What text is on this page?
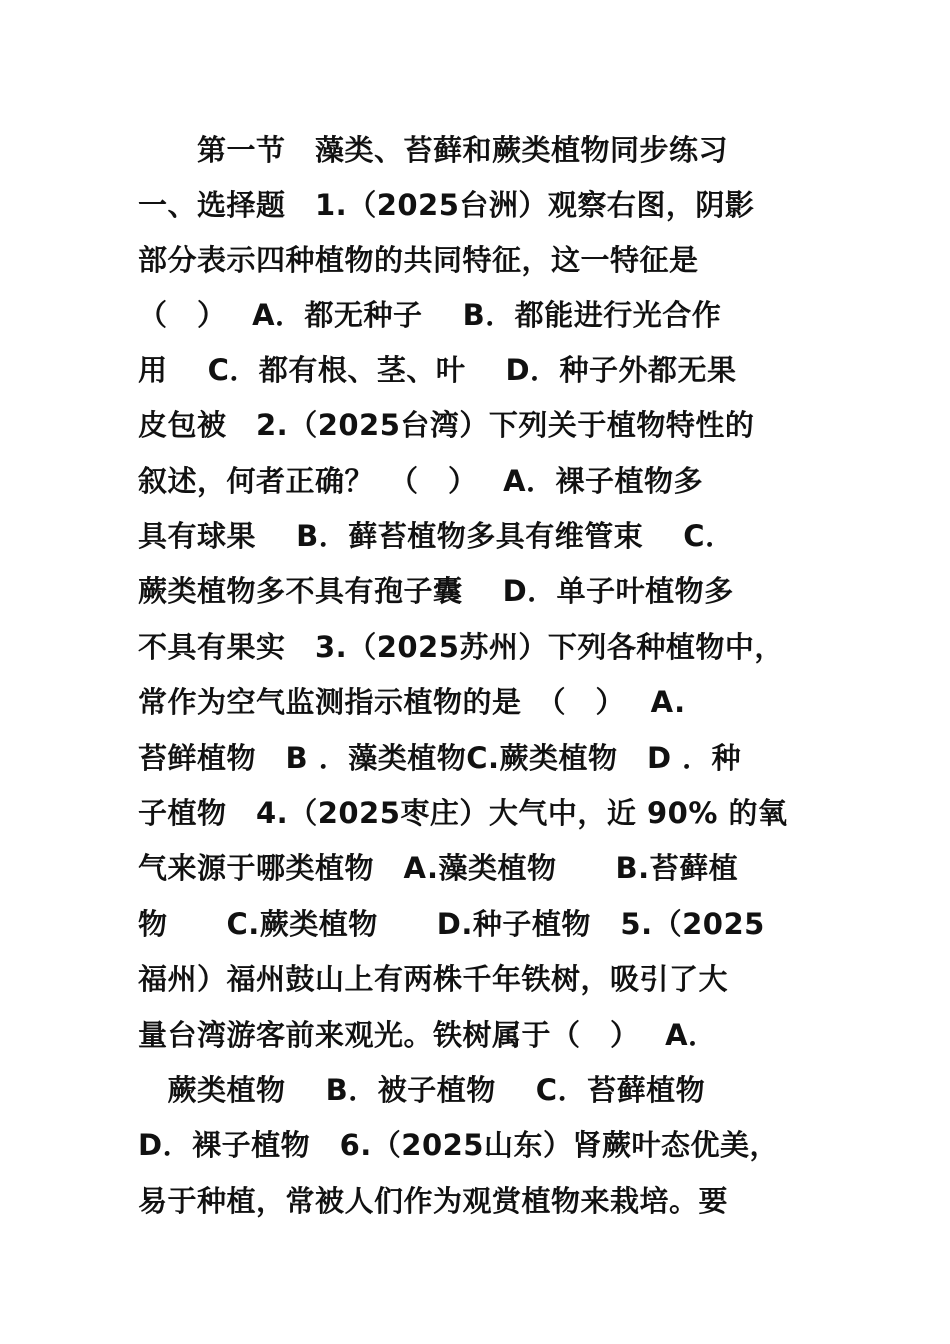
　　第一节　藻类、苔藓和蕨类植物同步练习
一、选择题　1.（2025台洲）观察右图，阴影
部分表示四种植物的共同特征，这一特征是
（　）　 A．都无种子　 B．都能进行光合作
用　 C．都有根、茎、叶　 D．种子外都无果
皮包被　2.（2025台湾）下列关于植物特性的
叙述，何者正确？　（　）　 A．裸子植物多
具有球果　 B．藓苔植物多具有维管束　 C．
蕨类植物多不具有孢子囊　 D．单子叶植物多
不具有果实　3.（2025苏州）下列各种植物中，
常作为空气监测指示植物的是　（　）　 A.
苔鲜植物　B ．藻类植物C.蕨类植物　D ．种
子植物　4.（2025枣庄）大气中，近 90% 的氧
气来源于哪类植物　A.藻类植物　　B.苔藓植
物　　C.蕨类植物　　D.种子植物　5.（2025
福州）福州鼓山上有两株千年铁树，吸引了大
量台湾游客前来观光。铁树属于（　）　 A．
　蕨类植物　 B．被子植物　 C．苔藓植物
D．裸子植物　6.（2025山东）肾蕨叶态优美，
易于种植，常被人们作为观赏植物来栽培。要
